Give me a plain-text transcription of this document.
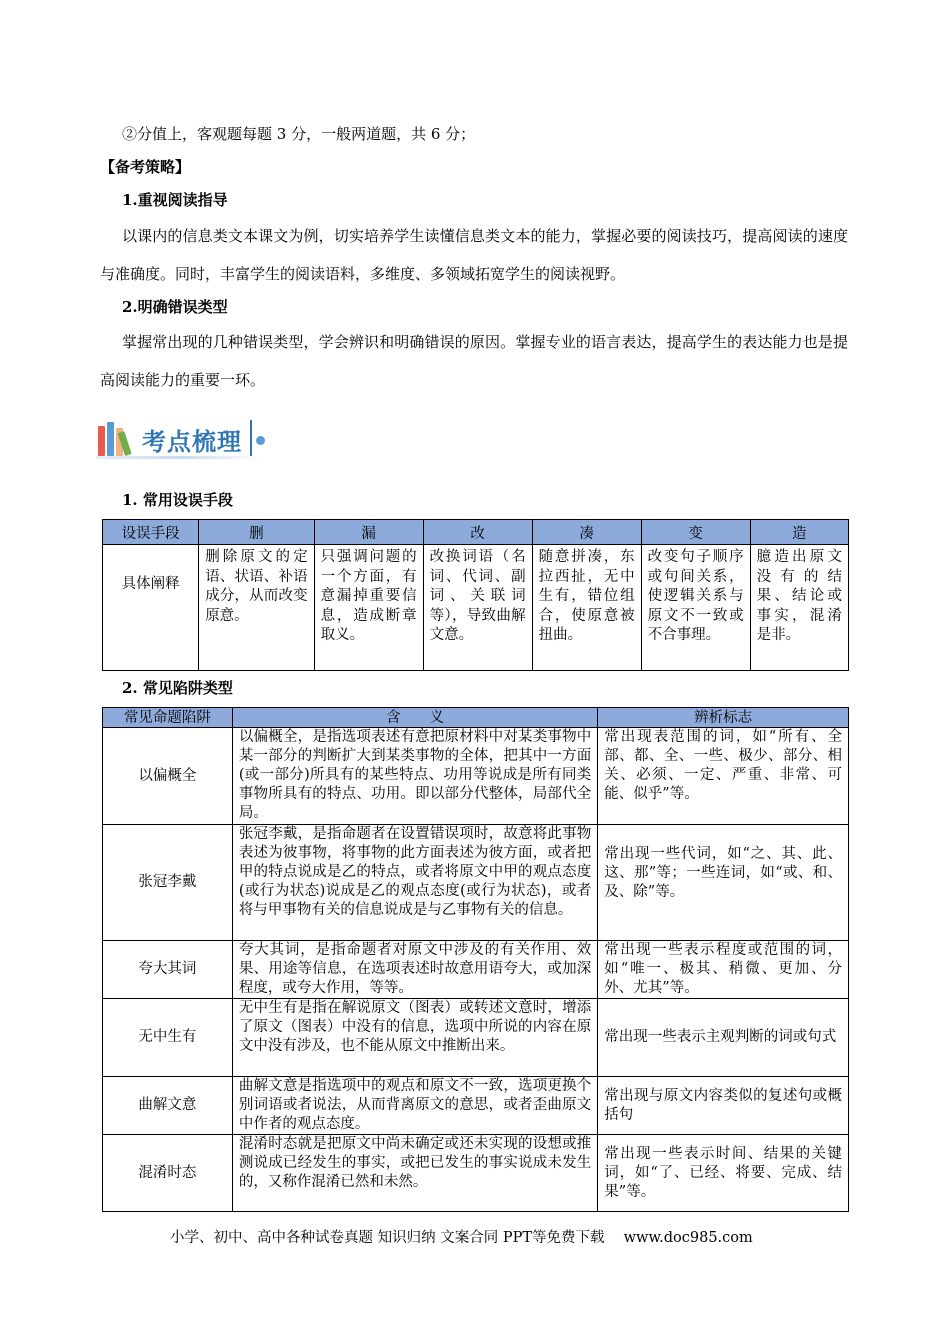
②分值上，客观题每题 3 分，一般两道题，共 6 分；
【备考策略】
1.重视阅读指导
以课内的信息类文本课文为例，切实培养学生读懂信息类文本的能力，掌握必要的阅读技巧，提高阅读的速度与准确度。同时，丰富学生的阅读语料，多维度、多领域拓宽学生的阅读视野。
2.明确错误类型
掌握常出现的几种错误类型，学会辨识和明确错误的原因。掌握专业的语言表达，提高学生的表达能力也是提高阅读能力的重要一环。
考点梳理
1. 常用设误手段
设误手段	删	漏	改	凑	变	造
具体阐释	删除原文的定语、状语、补语成分，从而改变原意。	只强调问题的一个方面，有意漏掉重要信息，造成断章取义。	改换词语（名词、代词、副词、关联词等），导致曲解文意。	随意拼凑，东拉西扯，无中生有，错位组合，使原意被扭曲。	改变句子顺序或句间关系，使逻辑关系与原文不一致或不合事理。	臆造出原文没有的结果、结论或事实，混淆是非。
2. 常见陷阱类型
常见命题陷阱	含　　义	辨析标志
以偏概全	以偏概全，是指选项表述有意把原材料中对某类事物中某一部分的判断扩大到某类事物的全体，把其中一方面(或一部分)所具有的某些特点、功用等说成是所有同类事物所具有的特点、功用。即以部分代整体，局部代全局。	常出现表范围的词，如“所有、全部、都、全、一些、极少、部分、相关、必须、一定、严重、非常、可能、似乎”等。
张冠李戴	张冠李戴，是指命题者在设置错误项时，故意将此事物表述为彼事物，将事物的此方面表述为彼方面，或者把甲的特点说成是乙的特点，或者将原文中甲的观点态度(或行为状态)说成是乙的观点态度(或行为状态)，或者将与甲事物有关的信息说成是与乙事物有关的信息。	常出现一些代词，如“之、其、此、这、那”等；一些连词，如“或、和、及、除”等。
夸大其词	夸大其词，是指命题者对原文中涉及的有关作用、效果、用途等信息，在选项表述时故意用语夸大，或加深程度，或夸大作用，等等。	常出现一些表示程度或范围的词，如“唯一、极其、稍微、更加、分外、尤其”等。
无中生有	无中生有是指在解说原文（图表）或转述文意时，增添了原文（图表）中没有的信息，选项中所说的内容在原文中没有涉及，也不能从原文中推断出来。	常出现一些表示主观判断的词或句式
曲解文意	曲解文意是指选项中的观点和原文不一致，选项更换个别词语或者说法，从而背离原文的意思，或者歪曲原文中作者的观点态度。	常出现与原文内容类似的复述句或概括句
混淆时态	混淆时态就是把原文中尚未确定或还未实现的设想或推测说成已经发生的事实，或把已发生的事实说成未发生的，又称作混淆已然和未然。	常出现一些表示时间、结果的关键词，如“了、已经、将要、完成、结果”等。
小学、初中、高中各种试卷真题 知识归纳 文案合同 PPT等免费下载　 www.doc985.com
